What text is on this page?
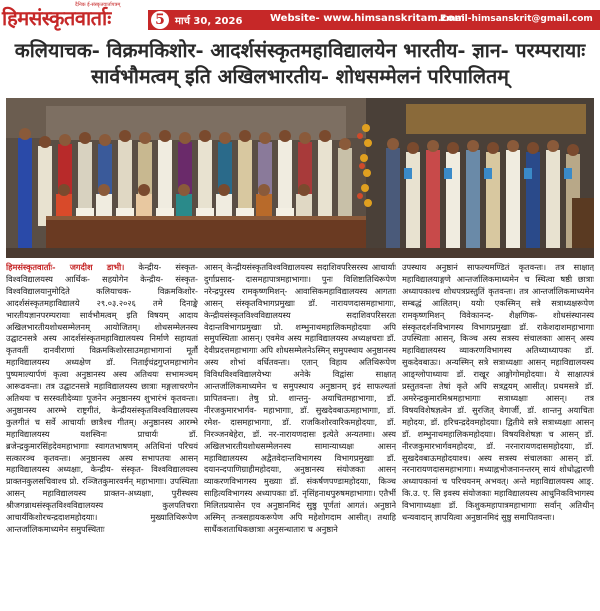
हिमसंस्कृतवार्ताः
दैनिक ई-संस्कृतवार्तापत्रम्
5	मार्च 30, 2026	Website- www.himsanskritam.com
Email-himsanskrit@gmail.com
कलियाचक- विक्रमकिशोर- आदर्शसंस्कृतमहाविद्यालयेन भारतीय- ज्ञान- परम्परायाः सार्वभौमत्वम् इति अखिलभारतीय- शोधसम्मेलनं परिपालितम्
हिमसंस्कृतवार्ताः- जगदीश डाभी। केन्द्रीय- संस्कृत- विश्वविद्यालयस्य आर्थिक- सहयोगेन केन्द्रीय- संस्कृत- विश्वविद्यालयानुमोदिते कलियाचक- विक्रमकिशोर- आदर्शसंस्कृतमहाविद्यालये २९.०३.२०२६ तमे दिनाङ्के भारतीयज्ञानपरम्परायाः सार्वभौमत्वम् इति विषयम् आदाय अखिलभारतीयशोधसम्मेलनम् आयोजितम्। शोधसम्मेलनस्य उद्घाटनसत्रे अस्य आदर्शसंस्कृतमहाविद्यालयस्य निर्माणे सहायतां कृतवतीं दानवीराणां विक्रमकिशोरसाउमहाभागानां मूर्तौ महाविद्यालयस्य अध्यक्षेण डॉ. निताईचंद्रगुप्तमहाभागेन पुष्पमाल्यार्पणं कृत्वा अनुष्ठानस्य अस्य अतिथयः सभामञ्चम् आरूढवन्तः। तत्र उद्घाटनसत्रे महाविद्यालयस्य छात्राः मङ्गलाचरणेन अतिथयः च सरस्वतीदेव्याः पूजनेन अनुष्ठानस्य शुभारंभं कृतवन्तः। अनुष्ठानस्य आरम्भे राष्ट्रगीतं, केन्द्रीयसंस्कृतविश्वविद्यालयस्य कुलगीतं च सर्वे आचार्याः छात्रैश्च गीतम्। अनुष्ठानस्य आरम्भे महाविद्यालयस्य यशस्विनः प्राचार्यः डॉ. ब्रजेन्द्रकुमारसिंहदेवमहाभागाः स्वागतभाषणम् अतिथिनां परिचयं सत्कारञ्च कृतवन्तः। अनुष्ठानस्य अस्य सभापतयः आसन् महाविद्यालयस्य अध्यक्षाः, केन्द्रीय- संस्कृत- विश्वविद्यालयस्य प्राक्तनकुलसचिवाश्च प्रो. रञ्जितकुमारवर्मन् महाभागाः। उपस्थिताः आसन् महाविद्यालयस्य प्राक्तन-अध्यक्षाः, पुरीस्थस्य श्रीजगन्नाथसंस्कृतविश्वविद्यालयस्य कुलपतिचराः आचार्यकिशोरचन्द्रदाशमहोदयाः। मुख्यातिथिरूपेण आन्तर्जालिकमाध्यमेन समुपस्थिताः
आसन् केन्द्रीयसंस्कृतविश्वविद्यालयस्य सदाशिवपरिसरस्य आचार्याः दुर्गाप्रसाद- दासमहापात्रमहाभागाः। पुनः विशिष्टातिथिरूपेण नरेन्द्रपुरस्य रामकृष्णमिशन्- आवासिकमहाविद्यालयस्य आगताः आसन् संस्कृतविभागप्रमुखाः डॉ. नारायणदासमहाभागाः, केन्द्रीयसंस्कृतविश्वविद्यालयस्य सदाशिवपरिसरतः वेदान्तविभागप्रमुखाः प्रो. शम्भुनाथमहालिकमहोदयाः अपि समुपस्थिताः आसन्। एवमेव अस्य महाविद्यालयस्य अध्यक्षचराः डॉ. देवीप्रदत्तमहाभागाः अपि शोधसम्मेलने‌ऽस्मिन् समुपस्थाय अनुष्ठानस्य अस्य शोभां वर्धितवन्तः। एतान् विहाय अतिथिरूपेण विविधविश्वविद्यालयेभ्यः अनेके विद्वांसः साक्षात् आन्तर्जालिकमाध्यमेन च समुपस्थाय अनुष्ठानम् इदं साफल्यतां प्रापितवन्तः। तेषु प्रो. शान्तनु- अयाचितमहाभागाः, डॉ. नीरजकुमारभार्गव- महाभागाः, डॉ. सुखदेवबाऊमहाभागाः, डॉ. रमेश- दासमहाभागाः, डॉ. राजकिशोरवारिकमहोदयाः, डॉ. निरञ्जनबेहेरा, डॉ. नर-नारायणदासः इत्येते अन्यतमाः। अस्य अखिलभारतीयशोधसम्मेलनस्य सामान्याध्यक्षः आसन् महाविद्यालयस्य अद्वैतवेदान्तविभागस्य विभागप्रमुखाः डॉ. दयानन्दपाणिग्राहीमहोदयाः, अनुष्ठानस्य संयोजकाः आसन् व्याकरणविभागस्य मुख्याः डॉ. संकर्षणपण्डामहोदयाः, किञ्च साहित्यविभागस्य अध्यापकाः डॉ. नृसिंहनाथपुरुषमहाभागाः। एतैर्भी मिलितप्रयासेन एव अनुष्ठानमिदं सुष्ठु पूर्णतां आगतं। अनुष्ठाने अस्मिन् तन्त्रसहायकरूपेण अपि महेशोगदाम आसीत्। तथाहि सार्धैकशताधिकछात्राः अनुसन्धातारः च अनुष्ठाने
उपस्थाय अनुष्ठानं साफल्यमण्डितं कृतवन्तः। तत्र साक्षात् महाविद्यालयाङ्गणे आन्तर्जालिकमाध्यमेन च स्थित्वा षष्ठी छात्राः अध्यापकाश्च शोधपत्रप्रस्तुतिं कृतवन्तः। तत्र आन्तर्जालिकमाध्यमेन सम्बद्धं आलितम्। ययोः एकस्मिन् सत्रे सत्राध्यक्षरूपेण रामकृष्णमिशन् विवेकानन्द- शैक्षणिक- शोधसंस्थानस्य संस्कृतदर्शनविभागस्य विभागप्रमुखाः डॉ. राकेशदाशमहाभागाः उपस्थिताः आसन्, किञ्च अस्य सत्रस्य संचालकाः आसन् अस्य महाविद्यालयस्य व्याकरणविभागस्य अतिथ्याध्यापकः डॉ. सुकदेवबाऊः। अन्यस्मिन् सत्रे सत्राध्यक्षाः आसन् महाविद्यालयस्य आङ्ग्लोपाध्यायः डॉ. राखूर आङ्गोगोमहोदयाः। ये साक्षात्पत्रं प्रस्तुतवन्तः तेषां कृते अपि सत्रद्वयम् आसीत्। प्रथमसत्रे डॉ. अमरेन्द्रकुमारमिश्रमहाभागाः सत्राध्यक्षाः आसन्। तत्र विषयविशेषज्ञत्वेन डॉ. सुरजित् वेगार्जी, डॉ. शान्तनु अयाचितः महोदयः, डॉ. हरिचन्द्रदेवमहोदयाः। द्वितीये सत्रे सत्राध्यक्षाः आसन् डॉ. शम्भुनाथमहालिकमहोदयाः। विषयविशेषज्ञः च आसन् डॉ. नीरजकुमारभार्गवमहोदयः, डॉ. नरनारायणदासमहोदयाः, डॉ. सुखदेवबाऊमहोदयाश्च। अस्य सत्रस्य संचालकाः आसन् डॉ. नरनारायणदासमहाभागाः। मध्याह्नभोजनानन्तरम् सायं शोधोद्धारणी अध्यापकानां च परिचयनम् अभवत्। अन्ते महाविद्यालयस्य आङ्. कि.उ. ए. सि इवस्य संयोजकाः महाविद्यालयस्य आधुनिकविभागस्य विभागाध्यक्षाः डॉ. किशुकमहापात्रमहाभागाः सर्वान् अतिथीन् धन्यवादान् ज्ञापयित्वा अनुष्ठानमिदं सुष्ठु समापितवन्तः।
